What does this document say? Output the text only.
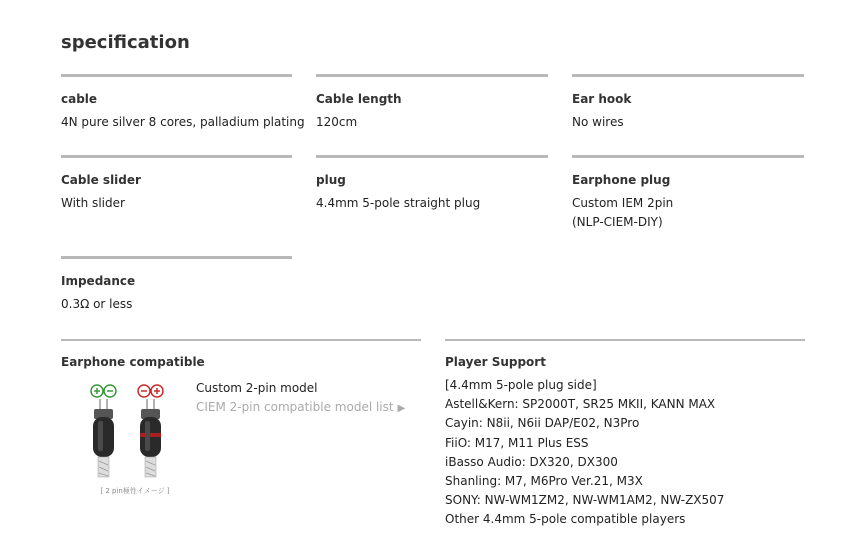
specification
cable
4N pure silver 8 cores, palladium plating
Cable length
120cm
Ear hook
No wires
Cable slider
With slider
plug
4.4mm 5-pole straight plug
Earphone plug
Custom IEM 2pin
(NLP-CIEM-DIY)
Impedance
0.3Ω or less
Earphone compatible
[ 2 pin極性イメージ ]
Custom 2-pin model
CIEM 2-pin compatible model list ▶
Player Support
[4.4mm 5-pole plug side]
Astell&Kern: SP2000T, SR25 MKII, KANN MAX
Cayin: N8ii, N6ii DAP/E02, N3Pro
FiiO: M17, M11 Plus ESS
iBasso Audio: DX320, DX300
Shanling: M7, M6Pro Ver.21, M3X
SONY: NW-WM1ZM2, NW-WM1AM2, NW-ZX507
Other 4.4mm 5-pole compatible players
